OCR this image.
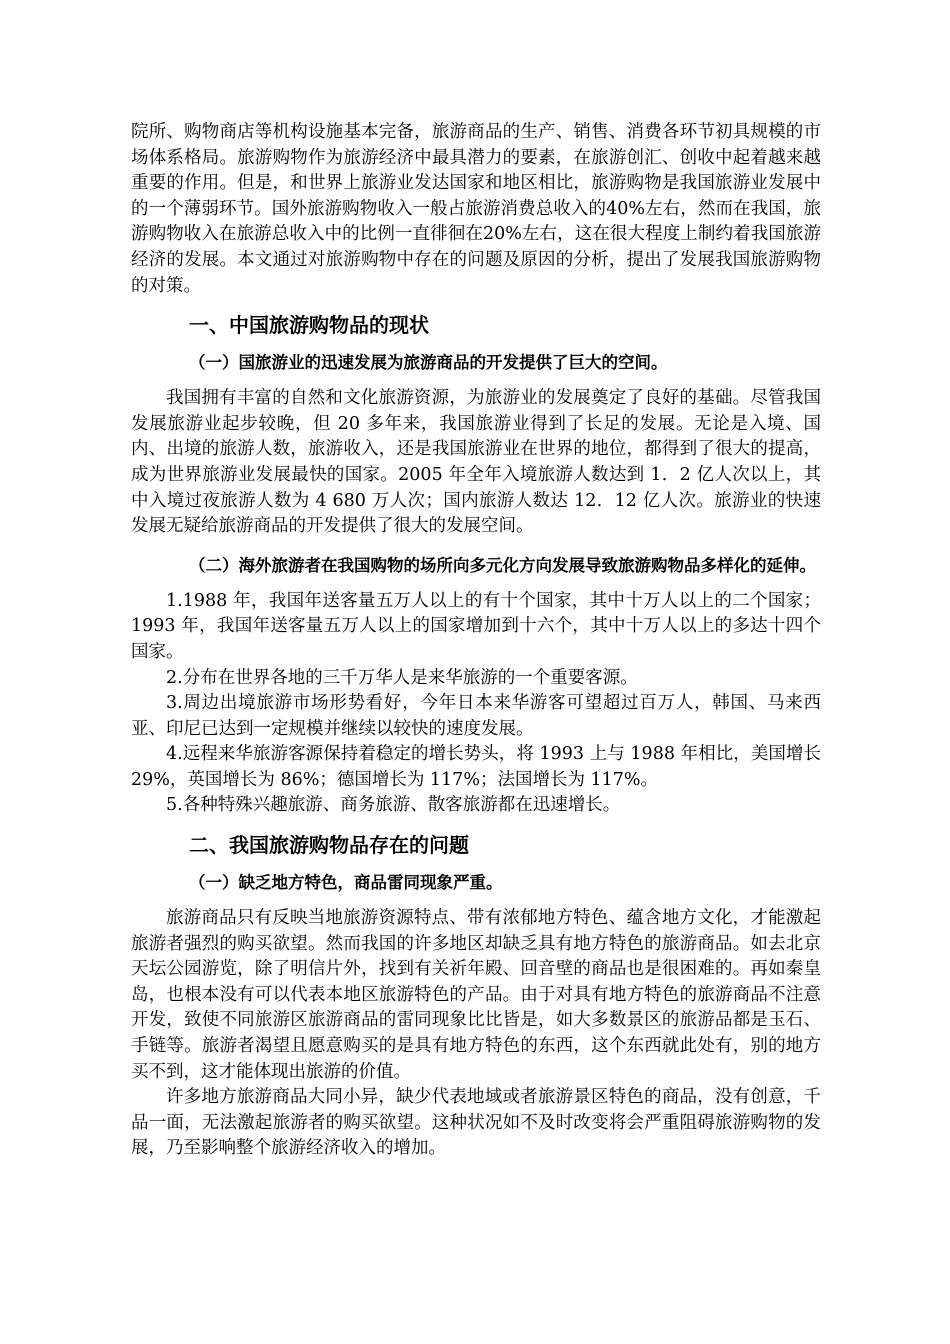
院所、购物商店等机构设施基本完备，旅游商品的生产、销售、消费各环节初具规模的市场体系格局。旅游购物作为旅游经济中最具潜力的要素，在旅游创汇、创收中起着越来越重要的作用。但是，和世界上旅游业发达国家和地区相比，旅游购物是我国旅游业发展中的一个薄弱环节。国外旅游购物收入一般占旅游消费总收入的40%左右，然而在我国，旅游购物收入在旅游总收入中的比例一直徘徊在20%左右，这在很大程度上制约着我国旅游经济的发展。本文通过对旅游购物中存在的问题及原因的分析，提出了发展我国旅游购物的对策。

一、中国旅游购物品的现状
（一）国旅游业的迅速发展为旅游商品的开发提供了巨大的空间。

我国拥有丰富的自然和文化旅游资源，为旅游业的发展奠定了良好的基础。尽管我国发展旅游业起步较晚，但 20 多年来，我国旅游业得到了长足的发展。无论是入境、国内、出境的旅游人数，旅游收入，还是我国旅游业在世界的地位，都得到了很大的提高，成为世界旅游业发展最快的国家。2005 年全年入境旅游人数达到 1．2 亿人次以上，其中入境过夜旅游人数为 4 680 万人次；国内旅游人数达 12．12 亿人次。旅游业的快速发展无疑给旅游商品的开发提供了很大的发展空间。

（二）海外旅游者在我国购物的场所向多元化方向发展导致旅游购物品多样化的延伸。

1.1988 年，我国年送客量五万人以上的有十个国家，其中十万人以上的二个国家；1993 年，我国年送客量五万人以上的国家增加到十六个，其中十万人以上的多达十四个国家。

2.分布在世界各地的三千万华人是来华旅游的一个重要客源。

3.周边出境旅游市场形势看好，今年日本来华游客可望超过百万人，韩国、马来西亚、印尼已达到一定规模并继续以较快的速度发展。

4.远程来华旅游客源保持着稳定的增长势头，将 1993 上与 1988 年相比，美国增长 29%，英国增长为 86%；德国增长为 117%；法国增长为 117%。

5.各种特殊兴趣旅游、商务旅游、散客旅游都在迅速增长。

二、我国旅游购物品存在的问题
（一）缺乏地方特色，商品雷同现象严重。

旅游商品只有反映当地旅游资源特点、带有浓郁地方特色、蕴含地方文化，才能激起旅游者强烈的购买欲望。然而我国的许多地区却缺乏具有地方特色的旅游商品。如去北京天坛公园游览，除了明信片外，找到有关祈年殿、回音壁的商品也是很困难的。再如秦皇岛，也根本没有可以代表本地区旅游特色的产品。由于对具有地方特色的旅游商品不注意开发，致使不同旅游区旅游商品的雷同现象比比皆是，如大多数景区的旅游品都是玉石、手链等。旅游者渴望且愿意购买的是具有地方特色的东西，这个东西就此处有，别的地方买不到，这才能体现出旅游的价值。

许多地方旅游商品大同小异，缺少代表地域或者旅游景区特色的商品，没有创意，千品一面，无法激起旅游者的购买欲望。这种状况如不及时改变将会严重阻碍旅游购物的发展，乃至影响整个旅游经济收入的增加。
